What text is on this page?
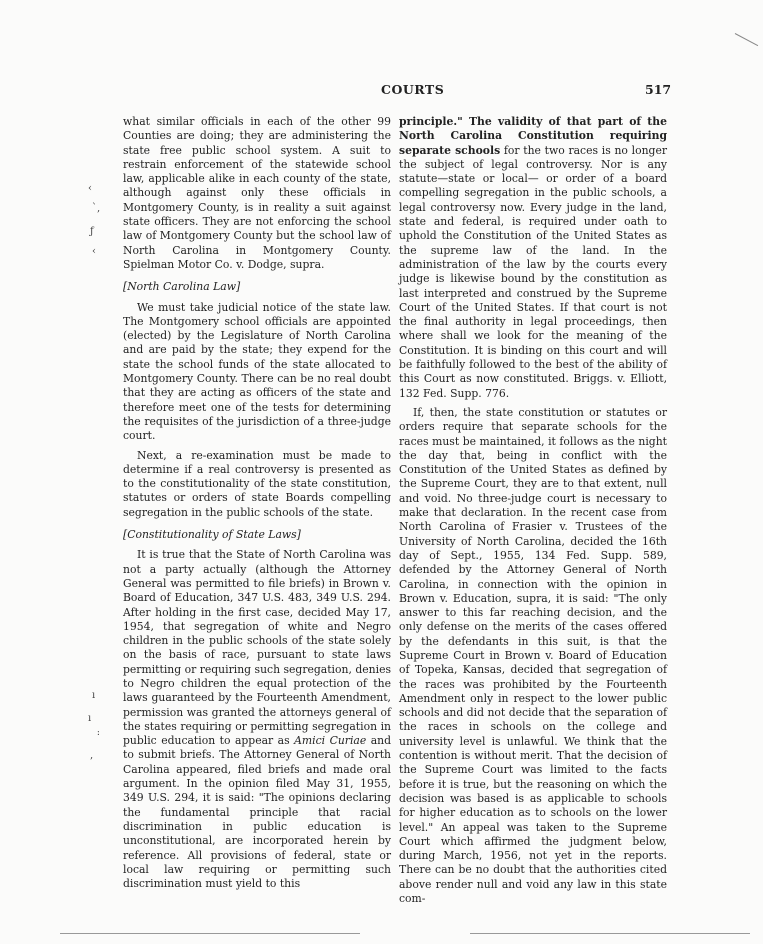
COURTS	517
‹
`,
ƒ
‹
ı
ı
꞉
,

what similar officials in each of the other 99 Counties are doing; they are administering the state free public school system. A suit to restrain enforcement of the statewide school law, applicable alike in each county of the state, although against only these officials in Montgomery County, is in reality a suit against state officers. They are not enforcing the school law of Montgomery County but the school law of North Carolina in Montgomery County. Spielman Motor Co. v. Dodge, supra.

[North Carolina Law]

We must take judicial notice of the state law. The Montgomery school officials are appointed (elected) by the Legislature of North Carolina and are paid by the state; they expend for the state the school funds of the state allocated to Montgomery County. There can be no real doubt that they are acting as officers of the state and therefore meet one of the tests for determining the requisites of the jurisdiction of a three-judge court.

Next, a re-examination must be made to determine if a real controversy is presented as to the constitutionality of the state constitution, statutes or orders of state Boards compelling segregation in the public schools of the state.

[Constitutionality of State Laws]

It is true that the State of North Carolina was not a party actually (although the Attorney General was permitted to file briefs) in Brown v. Board of Education, 347 U.S. 483, 349 U.S. 294. After holding in the first case, decided May 17, 1954, that segregation of white and Negro children in the public schools of the state solely on the basis of race, pursuant to state laws permitting or requiring such segregation, denies to Negro children the equal protection of the laws guaranteed by the Fourteenth Amendment, permission was granted the attorneys general of the states requiring or permitting segregation in public education to appear as Amici Curiae and to submit briefs. The Attorney General of North Carolina appeared, filed briefs and made oral argument. In the opinion filed May 31, 1955, 349 U.S. 294, it is said: "The opinions declaring the fundamental principle that racial discrimination in public education is unconstitutional, are incorporated herein by reference. All provisions of federal, state or local law requiring or permitting such discrimination must yield to this

principle." The validity of that part of the North Carolina Constitution requiring separate schools for the two races is no longer the subject of legal controversy. Nor is any statute—state or local— or order of a board compelling segregation in the public schools, a legal controversy now. Every judge in the land, state and federal, is required under oath to uphold the Constitution of the United States as the supreme law of the land. In the administration of the law by the courts every judge is likewise bound by the constitution as last interpreted and construed by the Supreme Court of the United States. If that court is not the final authority in legal proceedings, then where shall we look for the meaning of the Constitution. It is binding on this court and will be faithfully followed to the best of the ability of this Court as now constituted. Briggs. v. Elliott, 132 Fed. Supp. 776.

If, then, the state constitution or statutes or orders require that separate schools for the races must be maintained, it follows as the night the day that, being in conflict with the Constitution of the United States as defined by the Supreme Court, they are to that extent, null and void. No three-judge court is necessary to make that declaration. In the recent case from North Carolina of Frasier v. Trustees of the University of North Carolina, decided the 16th day of Sept., 1955, 134 Fed. Supp. 589, defended by the Attorney General of North Carolina, in connection with the opinion in Brown v. Education, supra, it is said: "The only answer to this far reaching decision, and the only defense on the merits of the cases offered by the defendants in this suit, is that the Supreme Court in Brown v. Board of Education of Topeka, Kansas, decided that segregation of the races was prohibited by the Fourteenth Amendment only in respect to the lower public schools and did not decide that the separation of the races in schools on the college and university level is unlawful. We think that the contention is without merit. That the decision of the Supreme Court was limited to the facts before it is true, but the reasoning on which the decision was based is as applicable to schools for higher education as to schools on the lower level." An appeal was taken to the Supreme Court which affirmed the judgment below, during March, 1956, not yet in the reports. There can be no doubt that the authorities cited above render null and void any law in this state com-
